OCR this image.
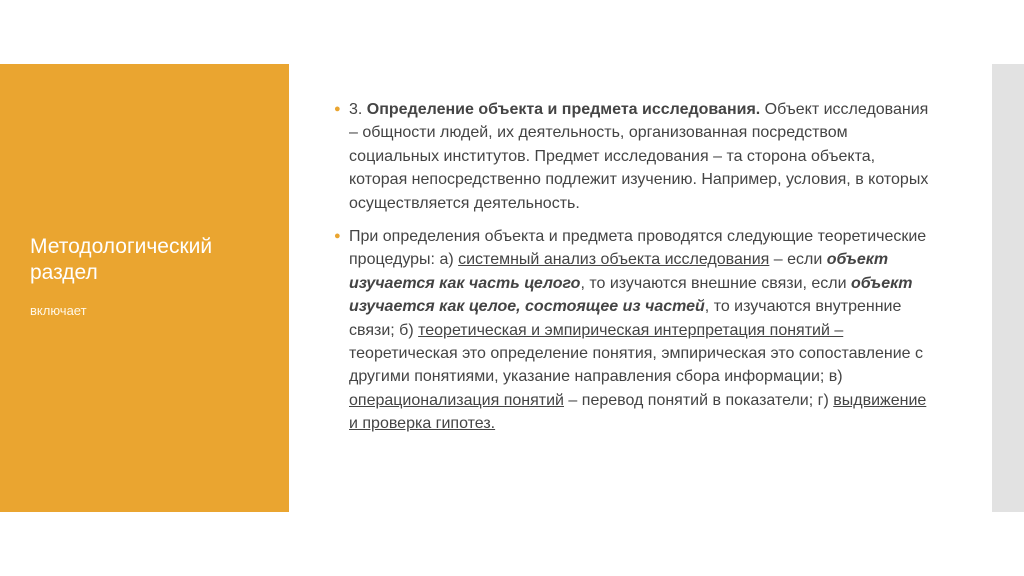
Методологический раздел
включает
● 3. Определение объекта и предмета исследования. Объект исследования – общности людей, их деятельность, организованная посредством социальных институтов. Предмет исследования – та сторона объекта, которая непосредственно подлежит изучению. Например, условия, в которых осуществляется деятельность.
● При определения объекта и предмета проводятся следующие теоретические процедуры: а) системный анализ объекта исследования – если объект изучается как часть целого, то изучаются внешние связи, если объект изучается как целое, состоящее из частей, то изучаются внутренние связи; б) теоретическая и эмпирическая интерпретация понятий – теоретическая это определение понятия, эмпирическая это сопоставление с другими понятиями, указание направления сбора информации; в) операционализация понятий – перевод понятий в показатели; г) выдвижение и проверка гипотез.
